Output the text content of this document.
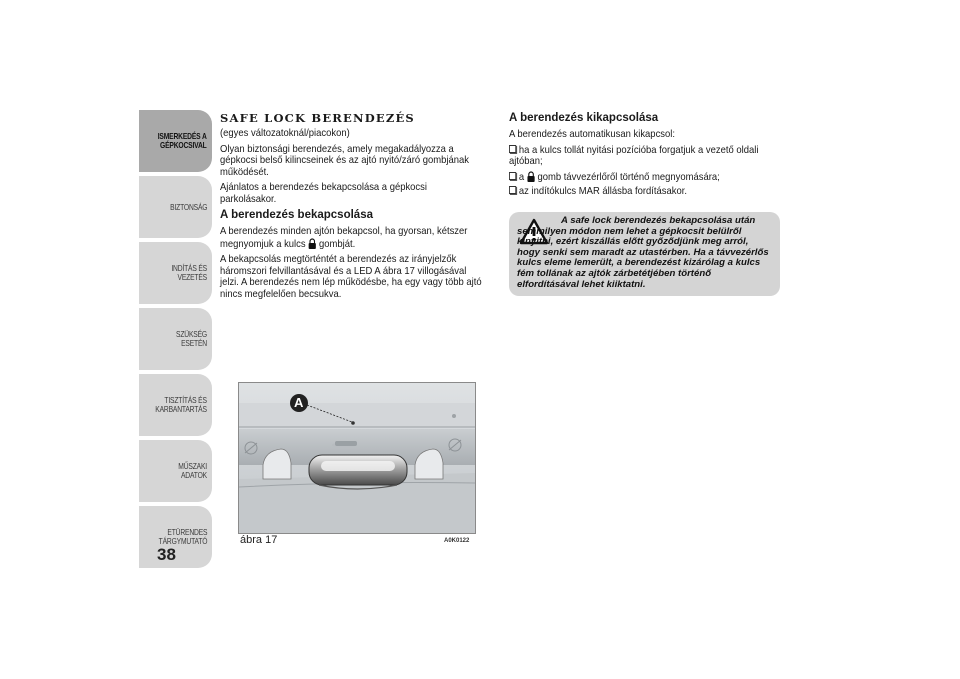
ISMERKEDÉS A
GÉPKOCSIVAL
BIZTONSÁG
INDÍTÁS ÉS VEZETÉS
SZÜKSÉG ESETÉN
TISZTÍTÁS ÉS
KARBANTARTÁS
MŰSZAKI ADATOK
ETÜRENDES
TÁRGYMUTATÓ
38

SAFE LOCK BERENDEZÉS

(egyes változatoknál/piacokon)

Olyan biztonsági berendezés, amely megakadályozza a gépkocsi belső kilincseinek és az ajtó nyitó/záró gombjának működését.

Ajánlatos a berendezés bekapcsolása a gépkocsi parkolásakor.

A berendezés bekapcsolása

A berendezés minden ajtón bekapcsol, ha gyorsan, kétszer megnyomjuk a kulcs gombját.

A bekapcsolás megtörténtét a berendezés az irányjelzők háromszori felvillantásával és a LED A ábra 17 villogásával jelzi. A berendezés nem lép működésbe, ha egy vagy több ajtó nincs megfelelően becsukva.

A
ábra 17	A0K0122

A berendezés kikapcsolása

A berendezés automatikusan kikapcsol:

ha a kulcs tollát nyitási pozícióba forgatjuk a vezető oldali ajtóban;
a gomb távvezérlőről történő megnyomására;
az indítókulcs MAR állásba fordításakor.
A safe lock berendezés bekapcsolása után semmilyen módon nem lehet a gépkocsit belülről kinyitni, ezért kiszállás előtt győződjünk meg arról, hogy senki sem maradt az utastérben. Ha a távvezérlős kulcs eleme lemerült, a berendezést kizárólag a kulcs fém tollának az ajtók zárbetétjében történő elfordításával lehet kiiktatni.
